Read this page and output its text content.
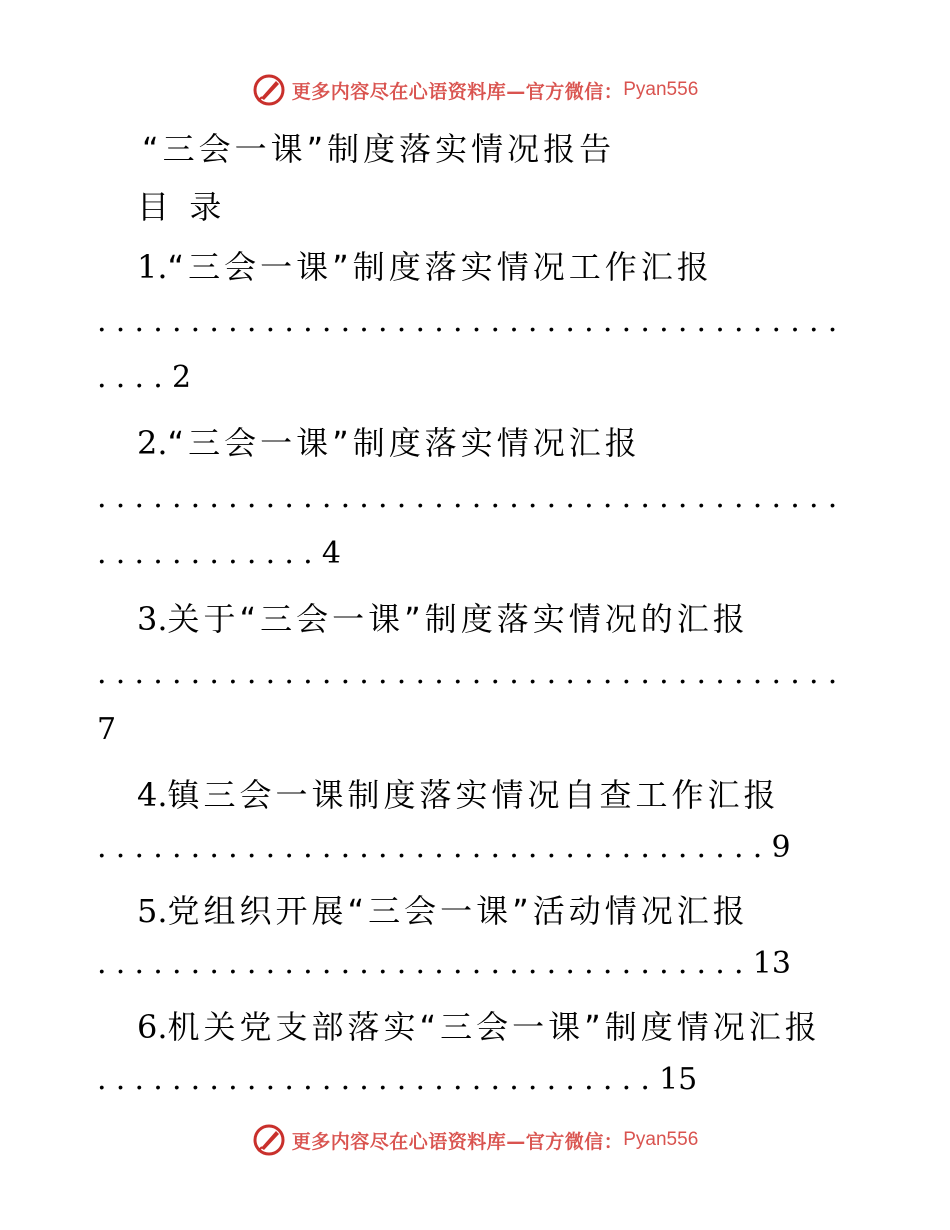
更多内容尽在心语资料库—官方微信： Pyan556
“三会一课”制度落实情况报告
目  录
1.“三会一课”制度落实情况工作汇报
........................................
....2
2.“三会一课”制度落实情况汇报
........................................
............4
3.关于“三会一课”制度落实情况的汇报
........................................
7
4.镇三会一课制度落实情况自查工作汇报
....................................9
5.党组织开展“三会一课”活动情况汇报
...................................13
6.机关党支部落实“三会一课”制度情况汇报
..............................15
更多内容尽在心语资料库—官方微信： Pyan556
